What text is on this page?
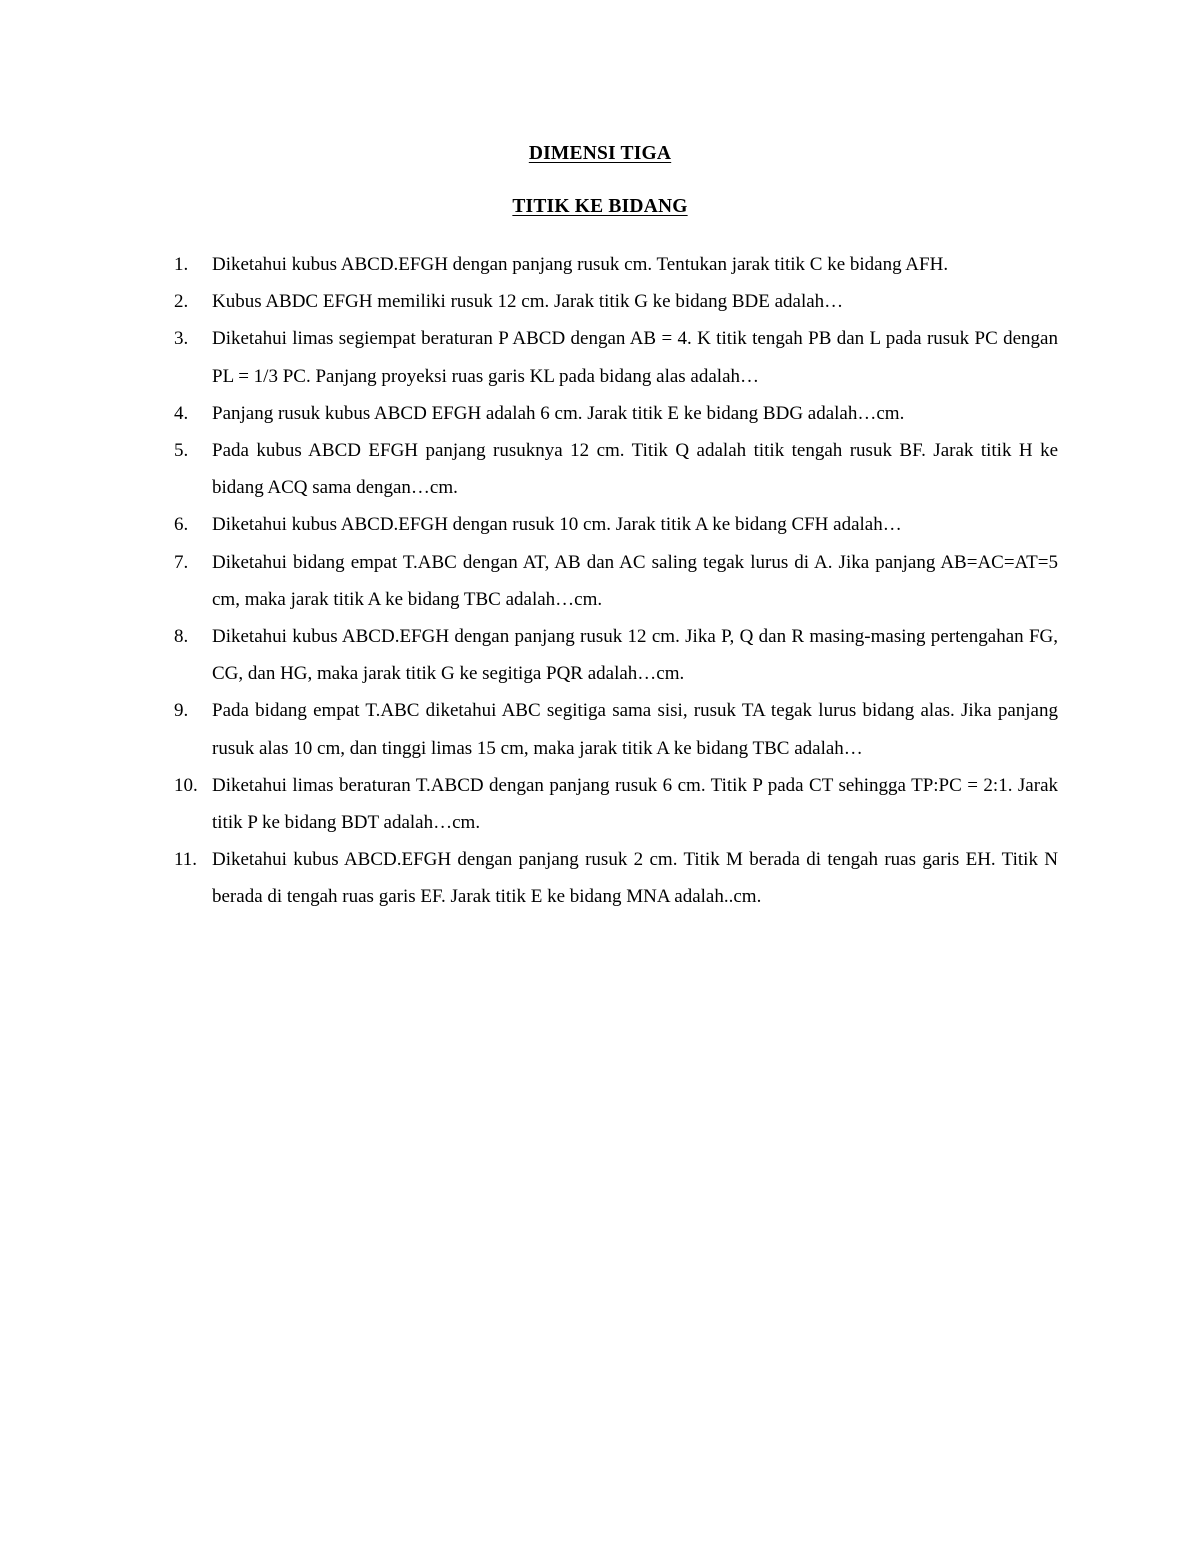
DIMENSI TIGA
TITIK KE BIDANG
1.	Diketahui kubus ABCD.EFGH dengan panjang rusuk cm. Tentukan jarak titik C ke bidang AFH.
2.	Kubus ABDC EFGH memiliki rusuk 12 cm. Jarak titik G ke bidang BDE adalah…
3.	Diketahui limas segiempat beraturan P ABCD dengan AB = 4. K titik tengah PB dan L pada rusuk PC dengan PL = 1/3 PC. Panjang proyeksi ruas garis KL pada bidang alas adalah…
4.	Panjang rusuk kubus ABCD EFGH adalah 6 cm. Jarak titik E ke bidang BDG adalah…cm.
5.	Pada kubus ABCD EFGH panjang rusuknya 12 cm. Titik Q adalah titik tengah rusuk BF. Jarak titik H ke bidang ACQ sama dengan…cm.
6.	Diketahui kubus ABCD.EFGH dengan rusuk 10 cm. Jarak titik A ke bidang CFH adalah…
7.	Diketahui bidang empat T.ABC dengan AT, AB dan AC saling tegak lurus di A. Jika panjang AB=AC=AT=5 cm, maka jarak titik A ke bidang TBC adalah…cm.
8.	Diketahui kubus ABCD.EFGH dengan panjang rusuk 12 cm. Jika P, Q dan R masing-masing pertengahan FG, CG, dan HG, maka jarak titik G ke segitiga PQR adalah…cm.
9.	Pada bidang empat T.ABC diketahui ABC segitiga sama sisi, rusuk TA tegak lurus bidang alas. Jika panjang rusuk alas 10 cm, dan tinggi limas 15 cm, maka jarak titik A ke bidang TBC adalah…
10. Diketahui limas beraturan T.ABCD dengan panjang rusuk 6 cm. Titik P pada CT sehingga TP:PC = 2:1. Jarak titik P ke bidang BDT adalah…cm.
11. Diketahui kubus ABCD.EFGH dengan panjang rusuk 2 cm. Titik M berada di tengah ruas garis EH. Titik N berada di tengah ruas garis EF. Jarak titik E ke bidang MNA adalah..cm.
